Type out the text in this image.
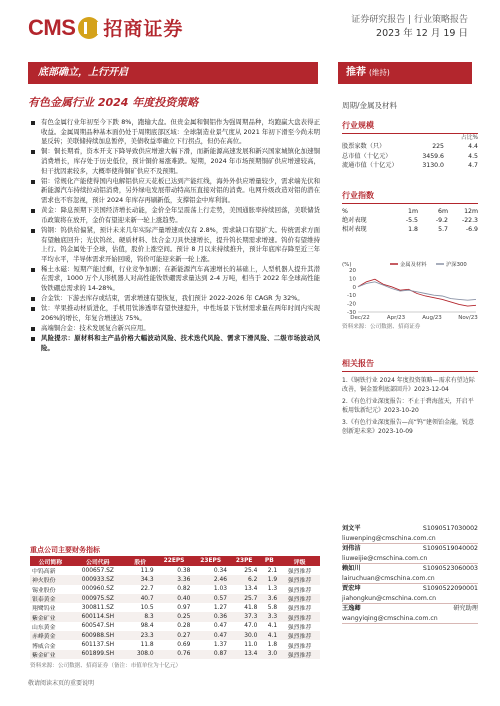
CMS 招商证券	证券研究报告 | 行业策略报告
2023 年 12 月 19 日
底部确立，上行开启	推荐 (维持)
有色金属行业 2024 年度投资策略	周期/金属及材料
有色金属行业年初至今下跌 8%，跑输大盘。但贵金属和铜铝作为强周期品种，均跑赢大盘表得正收益。金属周期品种基本面仍处于周期底部区域：全球制造业景气度从 2021 年初下滑至今尚未明显反转；美联储持续加息暂停，美债收益率确立下行拐点，但仍在高位。
铜：铜长期看，资本开支下降导致供应增速大幅下滑，而新能源高速发展和新兴国家城镇化加速铜消费增长，库存处于历史低位，预计铜价易涨难跌。短期，2024 年市场预期铜矿供应增速较高，但干扰因素较多，大概率使得铜矿供应不及预期。
铝：常规化产能使得国内电解铝供应天花板已达到产能红线，海外外供应增量较少，需求端光伏和新能源汽车持续拉动铝消费，另外绿电发展带动特高压直接对铝的消费。电网升级改造对铝的潜在需求也不容忽视，预计 2024 年库存再刷新低，支撑铝金中库利润。
黄金：降息预期下美国经济增长动能，金价全年呈震荡上行走势，美国通胀率持续回落，美联储货币政策将在放开，金价有望迎来新一轮上涨趋势。
钨钢：钨供给偏紧，预计未来几年实际产量增速或仅有 2.8%，需求缺口有望扩大。传统需求方面有望触底回升；光伏钨丝、硬质材料、钛合金刀具快速增长，提升钨长期需求增速。钨价有望维持上行。钨金属处于全球，估值，股价上涨空间。预计 8 月以来持续推升，预计年底库存降至近三年平均水平，半导体需求开始回暖，钨价可能迎来新一轮上涨。
稀土永磁：短期产能过剩，行业竞争加剧；在新能源汽车高速增长的基础上，人型机器人提升其潜在需求，1000 万个人形机器人对高性能钕铁硼需求量达到 2-4 万吨，相当于 2022 年全球高性能钕铁硼总需求的 14-28%。
合金钛：下游去库存或结束，需求增速有望恢复，我们预计 2022-2026 年 CAGR 为 32%。
钛：苹果推动材质进化，手机用钛渗透率有望快速提升，中性场景下钛材需求量在两年时间内实现 206%的增长，年复合增速达 75%。
高端铜合金：技术发展复合新兴应用。
风险提示：原材料和主产品价格大幅波动风险、技术迭代风险、需求下滑风险、二级市场波动风险。
重点公司主要财务指标
公司简称	公司代码	股价	22EPS	23EPS	23PE	PB	评级
中钨高新	000657.SZ	11.9	0.38	0.34	25.4	2.1	强烈推荐
神火股份	000933.SZ	34.3	3.36	2.46	6.2	1.9	强烈推荐
锡业股份	000960.SZ	22.7	0.82	1.03	13.4	1.3	强烈推荐
银泰黄金	000975.SZ	40.7	0.40	0.57	25.7	3.6	强烈推荐
翔鹭钨业	300811.SZ	10.5	0.97	1.27	41.8	5.8	强烈推荐
紫金矿业	600114.SH	8.3	0.25	0.36	37.3	3.3	强烈推荐
山东黄金	600547.SH	98.4	0.28	0.47	47.0	4.1	强烈推荐
赤峰黄金	600988.SH	23.3	0.27	0.47	30.0	4.1	强烈推荐
博威合金	601137.SH	11.8	0.69	1.37	11.0	1.8	强烈推荐
紫金矿业	601899.SH	308.0	0.76	0.87	13.4	3.0	强烈推荐
资料来源：公司数据、招商证券（备注：市值单位为十亿元）
行业规模
占比%
股票家数（只）	225	4.4
总市值（十亿元）	3459.6	4.5
流通市值（十亿元）	3130.0	4.7
行业指数
%	1m	6m	12m
绝对表现	-5.5	-9.2	-22.3
相对表现	1.8	5.7	-6.9
(%)
20
10
0
-10
-20
-30
Dec/22	Apr/23	Aug/23	Nov/23
金属及材料	沪深300
资料来源：公司数据、招商证券
相关报告
1.《铜铁行业 2024 年度投资策略—需求有望边际改善，铜金盈利底部回升》2023-12-04
2.《有色行业深度报告：不止于碧海蓝天，开启平板用钛新纪元》2023-10-20
3.《有色行业深度报告—高“钨”建领铂金龍，锐意创新迎未来》2023-10-09
刘文平	S1090517030002
liuwenping@cmschina.com.cn
刘伟洁	S1090519040002
liuweijie@cmschina.com.cn
赖如川	S1090523060003
lairuchuan@cmschina.com.cn
贾宏坤	S1090522090001
jiahongkun@cmschina.com.cn
王逸卿	研究助理
wangyiqing@cmschina.com.cn
敬请阅读末页的重要说明
